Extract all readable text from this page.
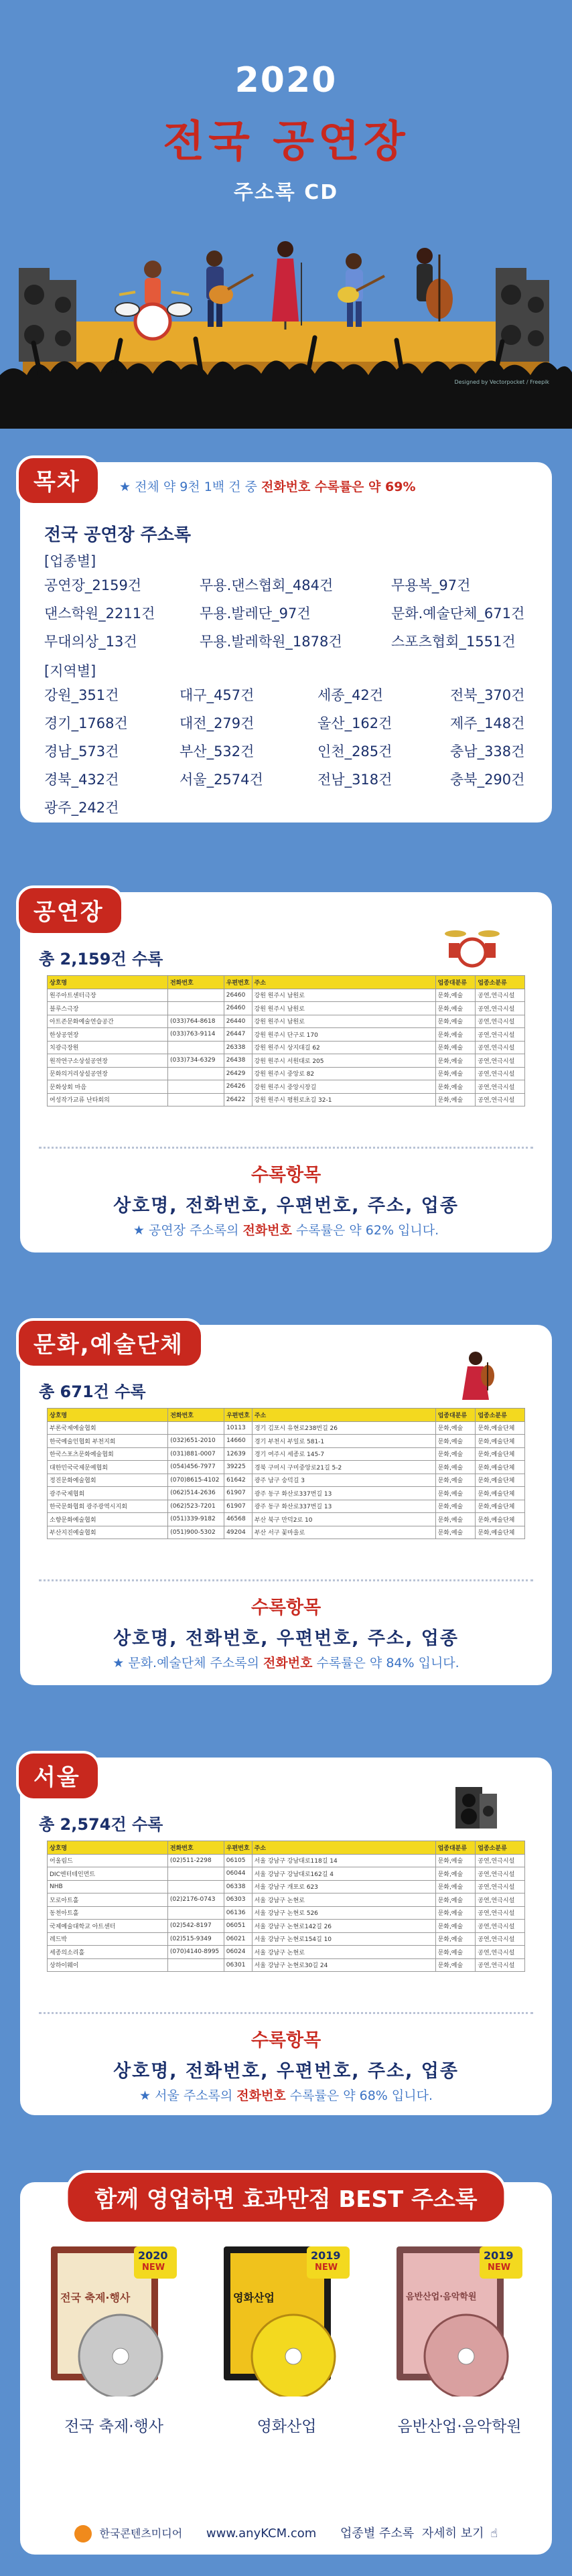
2020
전국 공연장
주소록 CD
Designed by Vectorpocket / Freepik
목차	★ 전체 약 9천 1백 건 중 전화번호 수록률은 약 69%
전국 공연장 주소록
[업종별]
공연장_2159건	무용.댄스협회_484건	무용복_97건
댄스학원_2211건	무용.발레단_97건	문화.예술단체_671건
무대의상_13건	무용.발레학원_1878건	스포츠협회_1551건
[지역별]
강원_351건	대구_457건	세종_42건	전북_370건
경기_1768건	대전_279건	울산_162건	제주_148건
경남_573건	부산_532건	인천_285건	충남_338건
경북_432건	서울_2574건	전남_318건	충북_290건
광주_242건
공연장
총 2,159건 수록
상호명	전화번호	우편번호	주소	업종대분류	업종소분류
원주아트센터극장		26460	강원 원주시 남원로	문화,예술	공연,연극시설
블루스극장		26460	강원 원주시 남원로	문화,예술	공연,연극시설
아트존문화예술연습공간	(033)764-8618	26440	강원 원주시 남원로	문화,예술	공연,연극시설
한상공연장	(033)763-9114	26447	강원 원주시 단구로 170	문화,예술	공연,연극시설
치광극장원		26338	강원 원주시 상지대길 62	문화,예술	공연,연극시설
원작연구소상설공연장	(033)734-6329	26438	강원 원주시 서원대로 205	문화,예술	공연,연극시설
문화의거리상설공연장		26429	강원 원주시 중앙로 82	문화,예술	공연,연극시설
문화상회 마음		26426	강원 원주시 중앙시장길	문화,예술	공연,연극시설
여성작가교류 난타회의		26422	강원 원주시 평원로초길 32-1	문화,예술	공연,연극시설
수록항목
상호명, 전화번호, 우편번호, 주소, 업종
★ 공연장 주소록의 전화번호 수록률은 약 62% 입니다.
문화,예술단체
총 671건 수록
상호명	전화번호	우편번호	주소	업종대분류	업종소분류
부론국제예술협회		10113	경기 김포시 유현로238번길 26	문화,예술	문화,예술단체
한국예술인협회 부천지회	(032)651-2010	14660	경기 부천시 부일로 581-1	문화,예술	문화,예술단체
한국스포츠문화예술협회	(031)881-0007	12639	경기 여주시 세종로 145-7	문화,예술	문화,예술단체
대한민국국제문예협회	(054)456-7977	39225	경북 구미시 구미중앙로21길 5-2	문화,예술	문화,예술단체
정진문화예술협회	(070)8615-4102	61642	광주 남구 숭덕길 3	문화,예술	문화,예술단체
광주국제협회	(062)514-2636	61907	광주 동구 화산로337번길 13	문화,예술	문화,예술단체
한국문화협회 광주광역시지회	(062)523-7201	61907	광주 동구 화산로337번길 13	문화,예술	문화,예술단체
소향문화예술협회	(051)339-9182	46568	부산 북구 만덕2로 10	문화,예술	문화,예술단체
부산지진예술협회	(051)900-5302	49204	부산 서구 꽃마을로	문화,예술	문화,예술단체
수록항목
상호명, 전화번호, 우편번호, 주소, 업종
★ 문화.예술단체 주소록의 전화번호 수록률은 약 84% 입니다.
서울
총 2,574건 수록
상호명	전화번호	우편번호	주소	업종대분류	업종소분류
어울림드	(02)511-2298	06105	서울 강남구 강남대로118길 14	문화,예술	공연,연극시설
DIC엔터테인먼트		06044	서울 강남구 강남대로162길 4	문화,예술	공연,연극시설
NHB		06338	서울 강남구 개포로 623	문화,예술	공연,연극시설
모로아트홀	(02)2176-0743	06303	서울 강남구 논현로	문화,예술	공연,연극시설
동천아트홀		06136	서울 강남구 논현로 526	문화,예술	공연,연극시설
국제예술대학교 아트센터	(02)542-8197	06051	서울 강남구 논현로142길 26	문화,예술	공연,연극시설
레드박	(02)515-9349	06021	서울 강남구 논현로154길 10	문화,예술	공연,연극시설
세종의소리홀	(070)4140-8995	06024	서울 강남구 논현로	문화,예술	공연,연극시설
상하이웨이		06301	서울 강남구 논현로30길 24	문화,예술	공연,연극시설
수록항목
상호명, 전화번호, 우편번호, 주소, 업종
★ 서울 주소록의 전화번호 수록률은 약 68% 입니다.
함께 영업하면 효과만점 BEST 주소록
2020
NEW
전국 축제·행사
전국 축제·행사
2019
NEW
영화산업
영화산업
2019
NEW
음반산업·음악학원
음반산업·음악학원
한국콘텐츠미디어 www.anyKCM.com 업종별 주소록 자세히 보기 ☝
